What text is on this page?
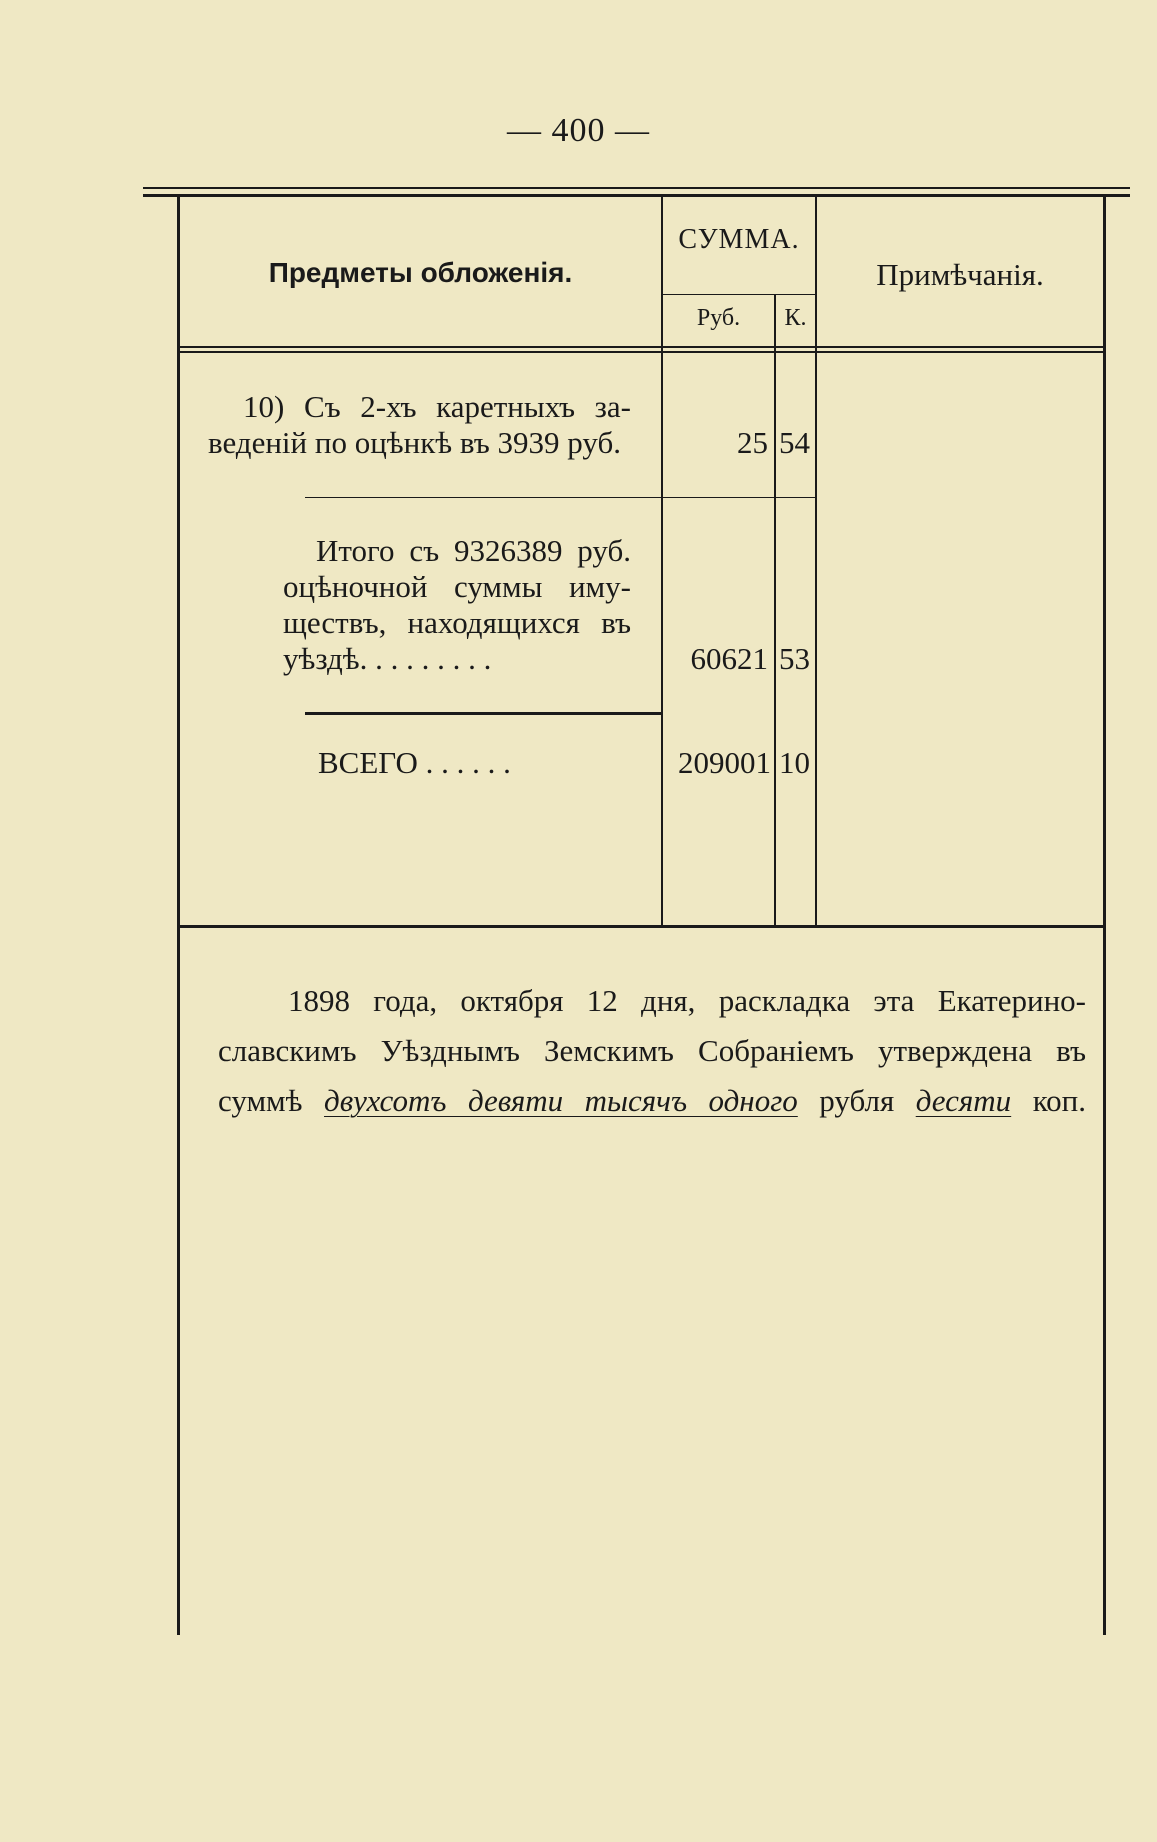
— 400 —
Предметы обложенія.
СУММА.
Руб.	К.
Примѣчанія.
10) Съ 2-хъ каретныхъ за-
веденій по оцѣнкѣ въ 3939 руб.	25 54
Итого съ 9326389 руб.
оцѣночной суммы иму-
ществъ, находящихся въ
уѣздѣ. . . . . . . . .	60621 53
ВСЕГО . . . . . .	209001 10
1898 года, октября 12 дня, раскладка эта Екатерино-
славскимъ Уѣзднымъ Земскимъ Собраніемъ утверждена въ
суммѣ двухсотъ девяти тысячъ одного рубля десяти коп.
